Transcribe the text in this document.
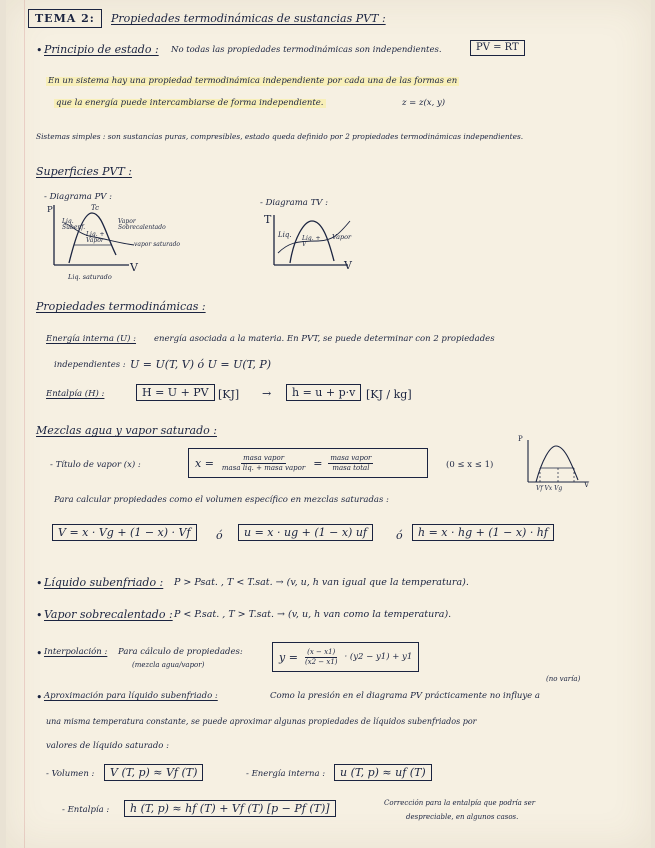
TEMA 2:	Propiedades termodinámicas de sustancias PVT :
• Principio de estado : No todas las propiedades termodinámicas son independientes.	PV = RT
En un sistema hay una propiedad termodinámica independiente por cada una de las formas en
que la energía puede intercambiarse de forma independiente.	z = z(x, y)
Sistemas simples : son sustancias puras, compresibles, estado queda definido por 2 propiedades termodinámicas independientes.
Superficies PVT :
- Diagrama PV :
- Diagrama TV :
P
V
Tc
Liq. Subenf.
Liq. + Vapor
Vapor Sobrecalentado
vapor saturado
Liq. saturado
T
V
Liq. Liq. + V
Vapor
Propiedades termodinámicas :
Energía interna (U) : energía asociada a la materia. En PVT, se puede determinar con 2 propiedades
independientes : U = U(T, V) ó U = U(T, P)
Entalpía (H) :	H = U + PV [KJ] →	h = u + p·v [KJ / kg]
Mezclas agua y vapor saturado :
- Título de vapor (x) :	$x = \frac{\text{masa vapor}}{\text{masa liq. + masa vapor}} = \frac{\text{masa vapor}}{\text{masa total}}$	(0 ≤ x ≤ 1)
P
V
Vf Vx Vg
Para calcular propiedades como el volumen específico en mezclas saturadas :
V = x · Vg + (1 − x) · Vf	ó	u = x · ug + (1 − x) uf	ó	h = x · hg + (1 − x) · hf
• Líquido subenfriado : P > Psat. , T < T.sat. → (v, u, h van igual que la temperatura).
• Vapor sobrecalentado : P < P.sat. , T > T.sat. → (v, u, h van como la temperatura).
• Interpolación : Para cálculo de propiedades:
(mezcla agua/vapor)
$y = \frac{(x - x1)}{(x2 - x1)} \cdot (y2 - y1) + y1$
• Aproximación para líquido subenfriado :	Como la presión en el diagrama PV prácticamente no influye a
(no varía)
una misma temperatura constante, se puede aproximar algunas propiedades de líquidos subenfriados por
valores de líquido saturado :
- Volumen :	V (T, p) ≈ Vf (T)	- Energía interna :	u (T, p) ≈ uf (T)
- Entalpía :	h (T, p) ≈ hf (T) + Vf (T) [p − Pf (T)]	Corrección para la entalpía que podría ser
despreciable, en algunos casos.
